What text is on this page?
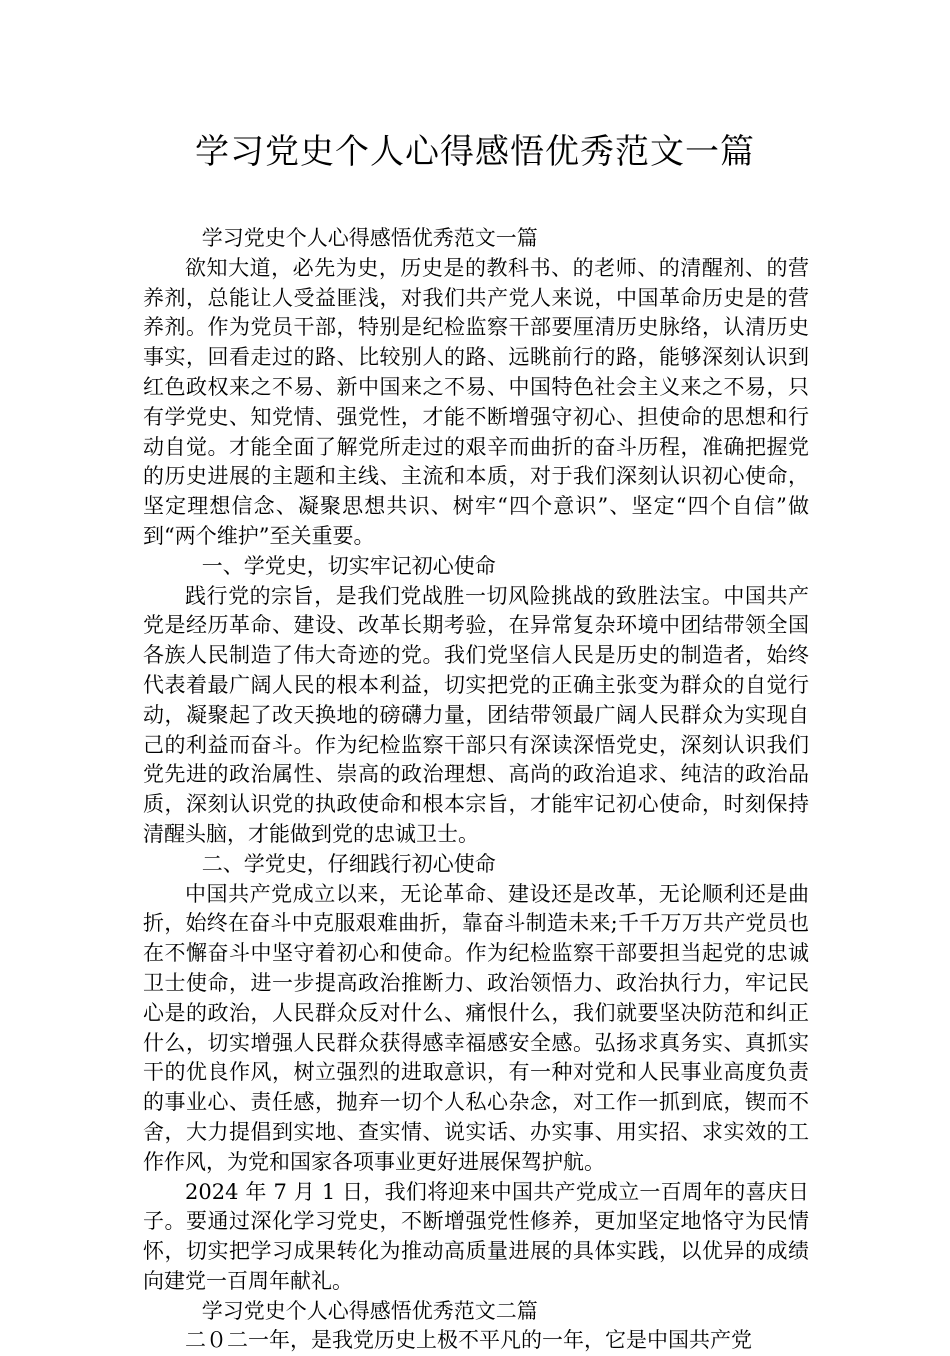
学习党史个人心得感悟优秀范文一篇

学习党史个人心得感悟优秀范文一篇

欲知大道，必先为史，历史是的教科书、的老师、的清醒剂、的营养剂，总能让人受益匪浅，对我们共产党人来说，中国革命历史是的营养剂。作为党员干部，特别是纪检监察干部要厘清历史脉络，认清历史事实，回看走过的路、比较别人的路、远眺前行的路，能够深刻认识到红色政权来之不易、新中国来之不易、中国特色社会主义来之不易，只有学党史、知党情、强党性，才能不断增强守初心、担使命的思想和行动自觉。才能全面了解党所走过的艰辛而曲折的奋斗历程，准确把握党的历史进展的主题和主线、主流和本质，对于我们深刻认识初心使命，坚定理想信念、凝聚思想共识、树牢“四个意识”、坚定“四个自信”做到“两个维护”至关重要。

一、学党史，切实牢记初心使命

践行党的宗旨，是我们党战胜一切风险挑战的致胜法宝。中国共产党是经历革命、建设、改革长期考验，在异常复杂环境中团结带领全国各族人民制造了伟大奇迹的党。我们党坚信人民是历史的制造者，始终代表着最广阔人民的根本利益，切实把党的正确主张变为群众的自觉行动，凝聚起了改天换地的磅礴力量，团结带领最广阔人民群众为实现自己的利益而奋斗。作为纪检监察干部只有深读深悟党史，深刻认识我们党先进的政治属性、崇高的政治理想、高尚的政治追求、纯洁的政治品质，深刻认识党的执政使命和根本宗旨，才能牢记初心使命，时刻保持清醒头脑，才能做到党的忠诚卫士。

二、学党史，仔细践行初心使命

中国共产党成立以来，无论革命、建设还是改革，无论顺利还是曲折，始终在奋斗中克服艰难曲折，靠奋斗制造未来;千千万万共产党员也在不懈奋斗中坚守着初心和使命。作为纪检监察干部要担当起党的忠诚卫士使命，进一步提高政治推断力、政治领悟力、政治执行力，牢记民心是的政治，人民群众反对什么、痛恨什么，我们就要坚决防范和纠正什么，切实增强人民群众获得感幸福感安全感。弘扬求真务实、真抓实干的优良作风，树立强烈的进取意识，有一种对党和人民事业高度负责的事业心、责任感，抛弃一切个人私心杂念，对工作一抓到底，锲而不舍，大力提倡到实地、查实情、说实话、办实事、用实招、求实效的工作作风，为党和国家各项事业更好进展保驾护航。

2024 年 7 月 1 日，我们将迎来中国共产党成立一百周年的喜庆日子。要通过深化学习党史，不断增强党性修养，更加坚定地恪守为民情怀，切实把学习成果转化为推动高质量进展的具体实践，以优异的成绩向建党一百周年献礼。

学习党史个人心得感悟优秀范文二篇

二０二一年，是我党历史上极不平凡的一年，它是中国共产党
